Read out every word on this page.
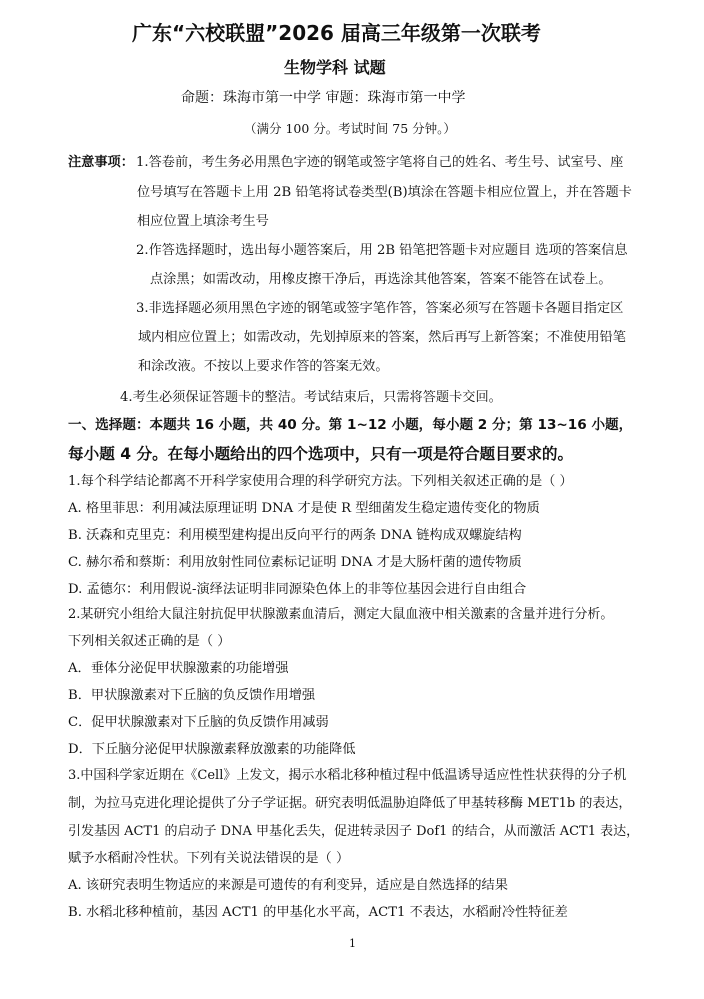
广东“六校联盟”2026 届高三年级第一次联考
生物学科 试题
命题：珠海市第一中学 审题：珠海市第一中学
（满分 100 分。考试时间 75 分钟。）
注意事项： 1.答卷前，考生务必用黑色字迹的钢笔或签字笔将自己的姓名、考生号、试室号、座
位号填写在答题卡上用 2B 铅笔将试卷类型(B)填涂在答题卡相应位置上，并在答题卡
相应位置上填涂考生号
2.作答选择题时，选出每小题答案后，用 2B 铅笔把答题卡对应题目 选项的答案信息
点涂黑；如需改动，用橡皮擦干净后，再选涂其他答案，答案不能答在试卷上。
3.非选择题必须用黑色字迹的钢笔或签字笔作答，答案必须写在答题卡各题目指定区
域内相应位置上；如需改动，先划掉原来的答案，然后再写上新答案；不准使用铅笔
和涂改液。不按以上要求作答的答案无效。
4.考生必须保证答题卡的整洁。考试结束后，只需将答题卡交回。
一、选择题：本题共 16 小题，共 40 分。第 1~12 小题，每小题 2 分；第 13~16 小题，
每小题 4 分。在每小题给出的四个选项中，只有一项是符合题目要求的。
1.每个科学结论都离不开科学家使用合理的科学研究方法。下列相关叙述正确的是（ ）
A. 格里菲思：利用减法原理证明 DNA 才是使 R 型细菌发生稳定遗传变化的物质
B. 沃森和克里克：利用模型建构提出反向平行的两条 DNA 链构成双螺旋结构
C. 赫尔希和蔡斯：利用放射性同位素标记证明 DNA 才是大肠杆菌的遗传物质
D. 孟德尔：利用假说-演绎法证明非同源染色体上的非等位基因会进行自由组合
2.某研究小组给大鼠注射抗促甲状腺激素血清后，测定大鼠血液中相关激素的含量并进行分析。
下列相关叙述正确的是（ ）
A．垂体分泌促甲状腺激素的功能增强
B．甲状腺激素对下丘脑的负反馈作用增强
C．促甲状腺激素对下丘脑的负反馈作用减弱
D．下丘脑分泌促甲状腺激素释放激素的功能降低
3.中国科学家近期在《Cell》上发文，揭示水稻北移种植过程中低温诱导适应性性状获得的分子机
制，为拉马克进化理论提供了分子学证据。研究表明低温胁迫降低了甲基转移酶 MET1b 的表达，
引发基因 ACT1 的启动子 DNA 甲基化丢失，促进转录因子 Dof1 的结合，从而激活 ACT1 表达，
赋予水稻耐冷性状。下列有关说法错误的是（ ）
A. 该研究表明生物适应的来源是可遗传的有利变异，适应是自然选择的结果
B. 水稻北移种植前，基因 ACT1 的甲基化水平高，ACT1 不表达，水稻耐冷性特征差
1
